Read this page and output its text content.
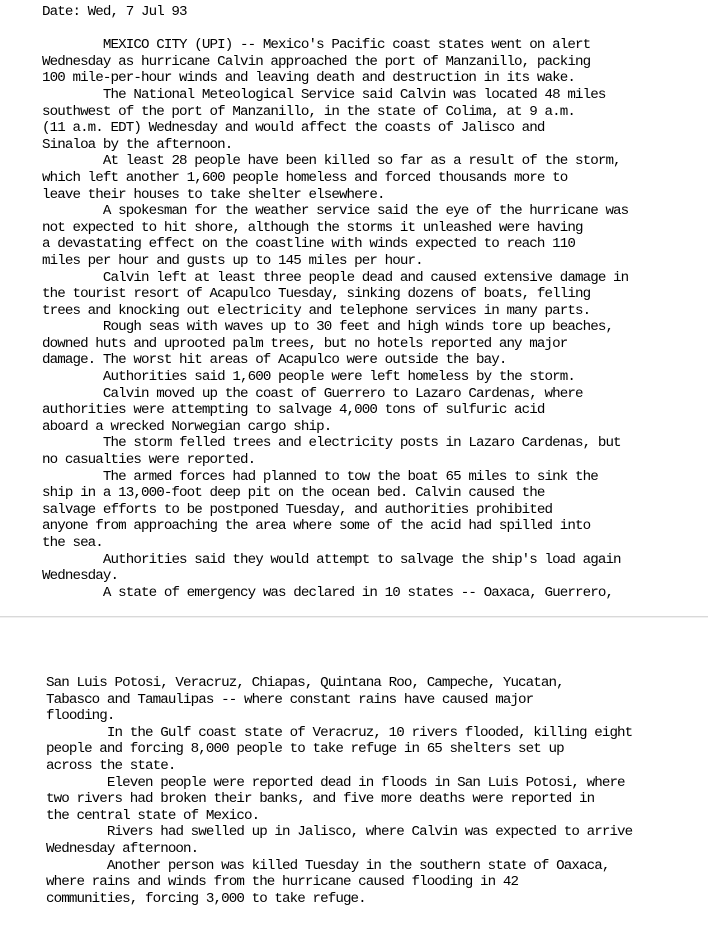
Date: Wed, 7 Jul 93

MEXICO CITY (UPI) -- Mexico's Pacific coast states went on alert
Wednesday as hurricane Calvin approached the port of Manzanillo, packing
100 mile-per-hour winds and leaving death and destruction in its wake.
The National Meteological Service said Calvin was located 48 miles
southwest of the port of Manzanillo, in the state of Colima, at 9 a.m.
(11 a.m. EDT) Wednesday and would affect the coasts of Jalisco and
Sinaloa by the afternoon.
At least 28 people have been killed so far as a result of the storm,
which left another 1,600 people homeless and forced thousands more to
leave their houses to take shelter elsewhere.
A spokesman for the weather service said the eye of the hurricane was
not expected to hit shore, although the storms it unleashed were having
a devastating effect on the coastline with winds expected to reach 110
miles per hour and gusts up to 145 miles per hour.
Calvin left at least three people dead and caused extensive damage in
the tourist resort of Acapulco Tuesday, sinking dozens of boats, felling
trees and knocking out electricity and telephone services in many parts.
Rough seas with waves up to 30 feet and high winds tore up beaches,
downed huts and uprooted palm trees, but no hotels reported any major
damage. The worst hit areas of Acapulco were outside the bay.
Authorities said 1,600 people were left homeless by the storm.
Calvin moved up the coast of Guerrero to Lazaro Cardenas, where
authorities were attempting to salvage 4,000 tons of sulfuric acid
aboard a wrecked Norwegian cargo ship.
The storm felled trees and electricity posts in Lazaro Cardenas, but
no casualties were reported.
The armed forces had planned to tow the boat 65 miles to sink the
ship in a 13,000-foot deep pit on the ocean bed. Calvin caused the
salvage efforts to be postponed Tuesday, and authorities prohibited
anyone from approaching the area where some of the acid had spilled into
the sea.
Authorities said they would attempt to salvage the ship's load again
Wednesday.
A state of emergency was declared in 10 states -- Oaxaca, Guerrero,
San Luis Potosi, Veracruz, Chiapas, Quintana Roo, Campeche, Yucatan,
Tabasco and Tamaulipas -- where constant rains have caused major
flooding.
In the Gulf coast state of Veracruz, 10 rivers flooded, killing eight
people and forcing 8,000 people to take refuge in 65 shelters set up
across the state.
Eleven people were reported dead in floods in San Luis Potosi, where
two rivers had broken their banks, and five more deaths were reported in
the central state of Mexico.
Rivers had swelled up in Jalisco, where Calvin was expected to arrive
Wednesday afternoon.
Another person was killed Tuesday in the southern state of Oaxaca,
where rains and winds from the hurricane caused flooding in 42
communities, forcing 3,000 to take refuge.
